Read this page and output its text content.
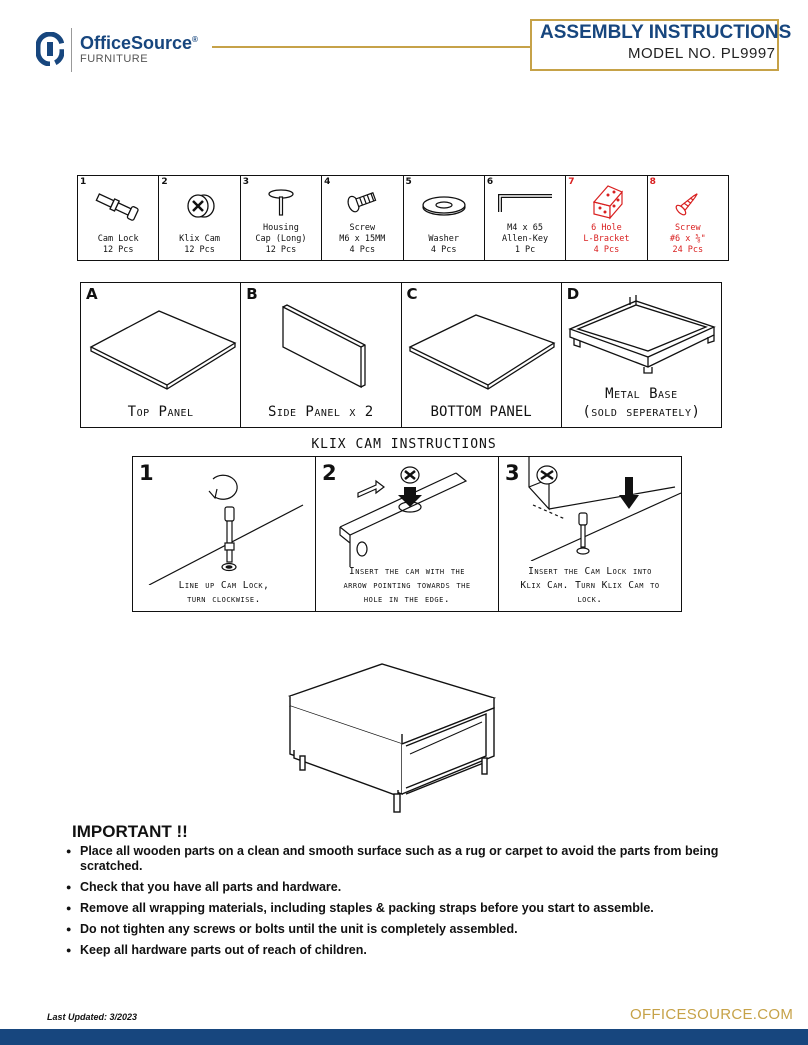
OfficeSource®
FURNITURE
ASSEMBLY INSTRUCTIONS
MODEL NO. PL9997
1
Cam Lock
12 Pcs
2
Klix Cam
12 Pcs
3
Housing
Cap (Long)
12 Pcs
4
Screw
M6 x 15MM
4 Pcs
5
Washer
4 Pcs
6
M4 x 65
Allen-Key
1 Pc
7
6 Hole
L-Bracket
4 Pcs
8
Screw
#6 x ⅝"
24 Pcs
A
Top Panel
B
Side Panel x 2
C
BOTTOM PANEL
D
Metal Base
(sold seperately)
KLIX CAM INSTRUCTIONS
1
Line up Cam Lock,
turn clockwise.
2
Insert the cam with the
arrow pointing towards the
hole in the edge.
3
Insert the Cam Lock into
Klix Cam. Turn Klix Cam to
lock.
IMPORTANT !!
● Place all wooden parts on a clean and smooth surface such as a rug or carpet to avoid the parts from being scratched.
● Check that you have all parts and hardware.
● Remove all wrapping materials, including staples & packing straps before you start to assemble.
● Do not tighten any screws or bolts until the unit is completely assembled.
● Keep all hardware parts out of reach of children.
Last Updated: 3/2023	OFFICESOURCE.COM
